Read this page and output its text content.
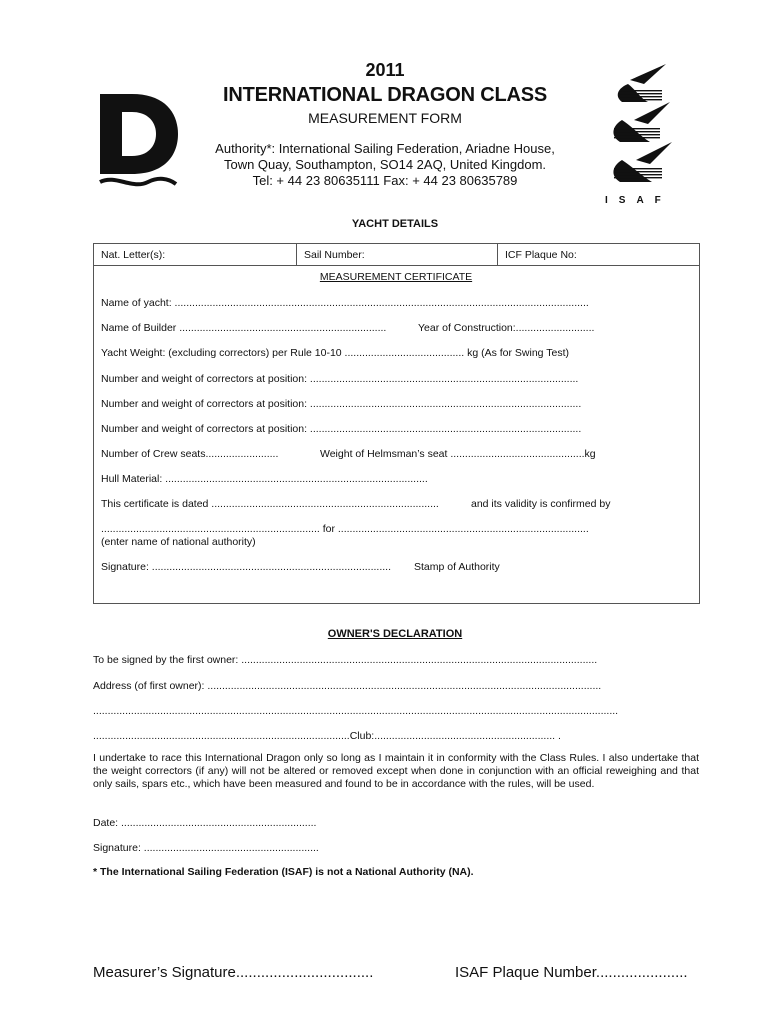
2011
INTERNATIONAL DRAGON CLASS
MEASUREMENT FORM
Authority*: International Sailing Federation, Ariadne House,
Town Quay, Southampton, SO14 2AQ, United Kingdom.
Tel: + 44 23 80635111 Fax: + 44 23 80635789
ISAF
YACHT DETAILS
Nat. Letter(s):	Sail Number:	ICF Plaque No:
MEASUREMENT CERTIFICATE
Name of yacht: ..............................................................................................................................................
Name of Builder .......................................................................	Year of Construction:...........................
Yacht Weight: (excluding correctors) per Rule 10-10 ......................................... kg (As for Swing Test)
Number and weight of correctors at position: ............................................................................................
Number and weight of correctors at position: .............................................................................................
Number and weight of correctors at position: .............................................................................................
Number of Crew seats.........................	Weight of Helmsman’s seat ..............................................kg
Hull Material: ..........................................................................................
This certificate is dated ..............................................................................	and its validity is confirmed by
........................................................................... for ......................................................................................
(enter name of national authority)
Signature: .................................................................................. Stamp of Authority
OWNER'S DECLARATION
To be signed by the first owner: ..........................................................................................................................
Address (of first owner): .......................................................................................................................................
....................................................................................................................................................................................
........................................................................................Club:.............................................................. .
I undertake to race this International Dragon only so long as I maintain it in conformity with the Class Rules. I also undertake that the weight correctors (if any) will not be altered or removed except when done in conjunction with an official reweighing and that only sails, spars etc., which have been measured and found to be in accordance with the rules, will be used.
Date: ...................................................................
Signature: ............................................................
* The International Sailing Federation (ISAF) is not a National Authority (NA).
Measurer’s Signature.................................	ISAF Plaque Number......................
